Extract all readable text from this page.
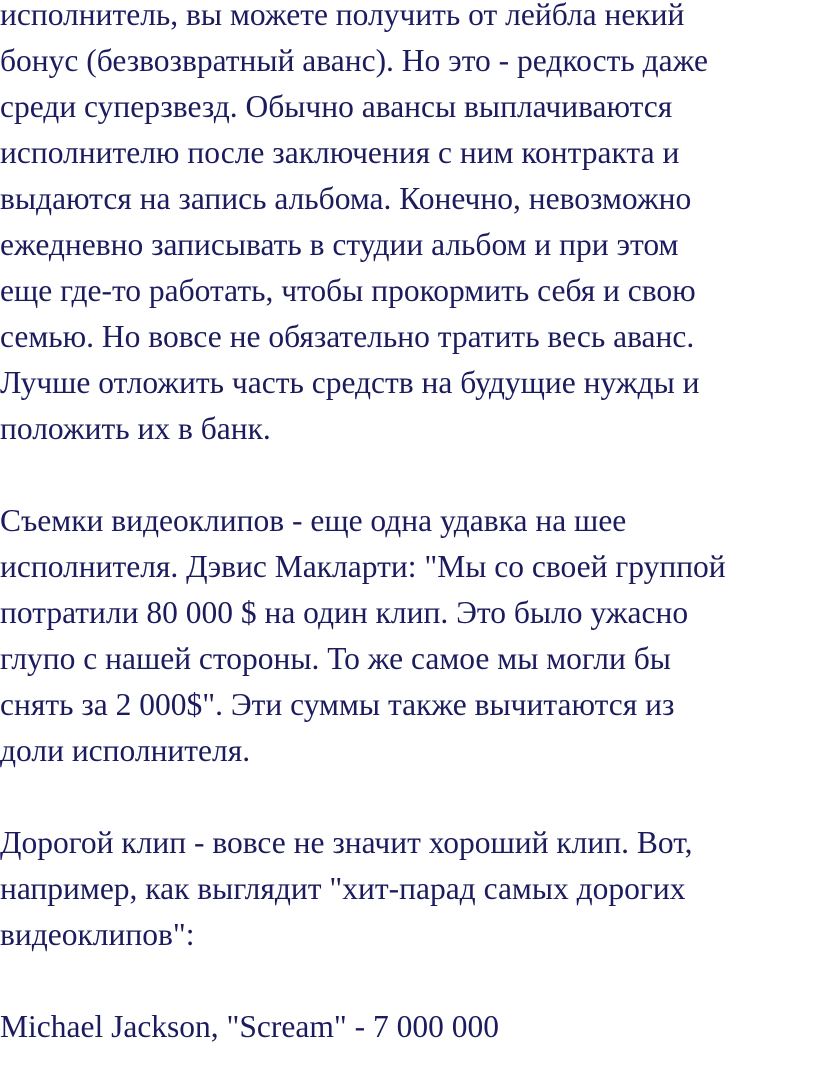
исполнитель, вы можете получить от лейбла некий
бонус (безвозвратный аванс). Но это - редкость даже
среди суперзвезд. Обычно авансы выплачиваются
исполнителю после заключения с ним контракта и
выдаются на запись альбома. Конечно, невозможно
ежедневно записывать в студии альбом и при этом
еще где-то работать, чтобы прокормить себя и свою
семью. Но вовсе не обязательно тратить весь аванс.
Лучше отложить часть средств на будущие нужды и
положить их в банк.
Съемки видеоклипов - еще одна удавка на шее
исполнителя. Дэвис Макларти: "Мы со своей группой
потратили 80 000 $ на один клип. Это было ужасно
глупо с нашей стороны. То же самое мы могли бы
снять за 2 000$". Эти суммы также вычитаются из
доли исполнителя.
Дорогой клип - вовсе не значит хороший клип. Вот,
например, как выглядит "хит-парад самых дорогих
видеоклипов":
Michael Jackson, "Scream" - 7 000 000
